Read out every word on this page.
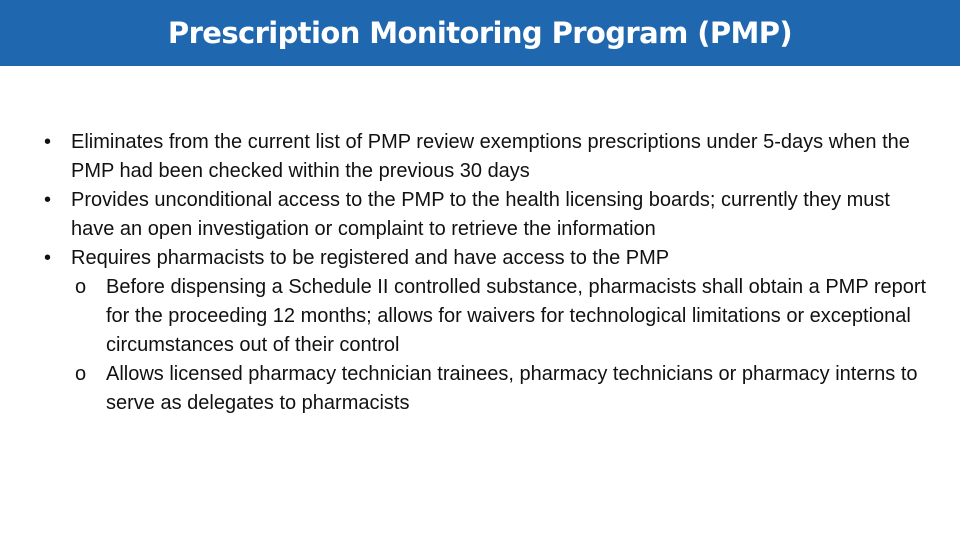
Prescription Monitoring Program (PMP)
• Eliminates from the current list of PMP review exemptions prescriptions under 5-days when the PMP had been checked within the previous 30 days
• Provides unconditional access to the PMP to the health licensing boards; currently they must have an open investigation or complaint to retrieve the information
• Requires pharmacists to be registered and have access to the PMP
o Before dispensing a Schedule II controlled substance, pharmacists shall obtain a PMP report for the proceeding 12 months; allows for waivers for technological limitations or exceptional circumstances out of their control
o Allows licensed pharmacy technician trainees, pharmacy technicians or pharmacy interns to serve as delegates to pharmacists
